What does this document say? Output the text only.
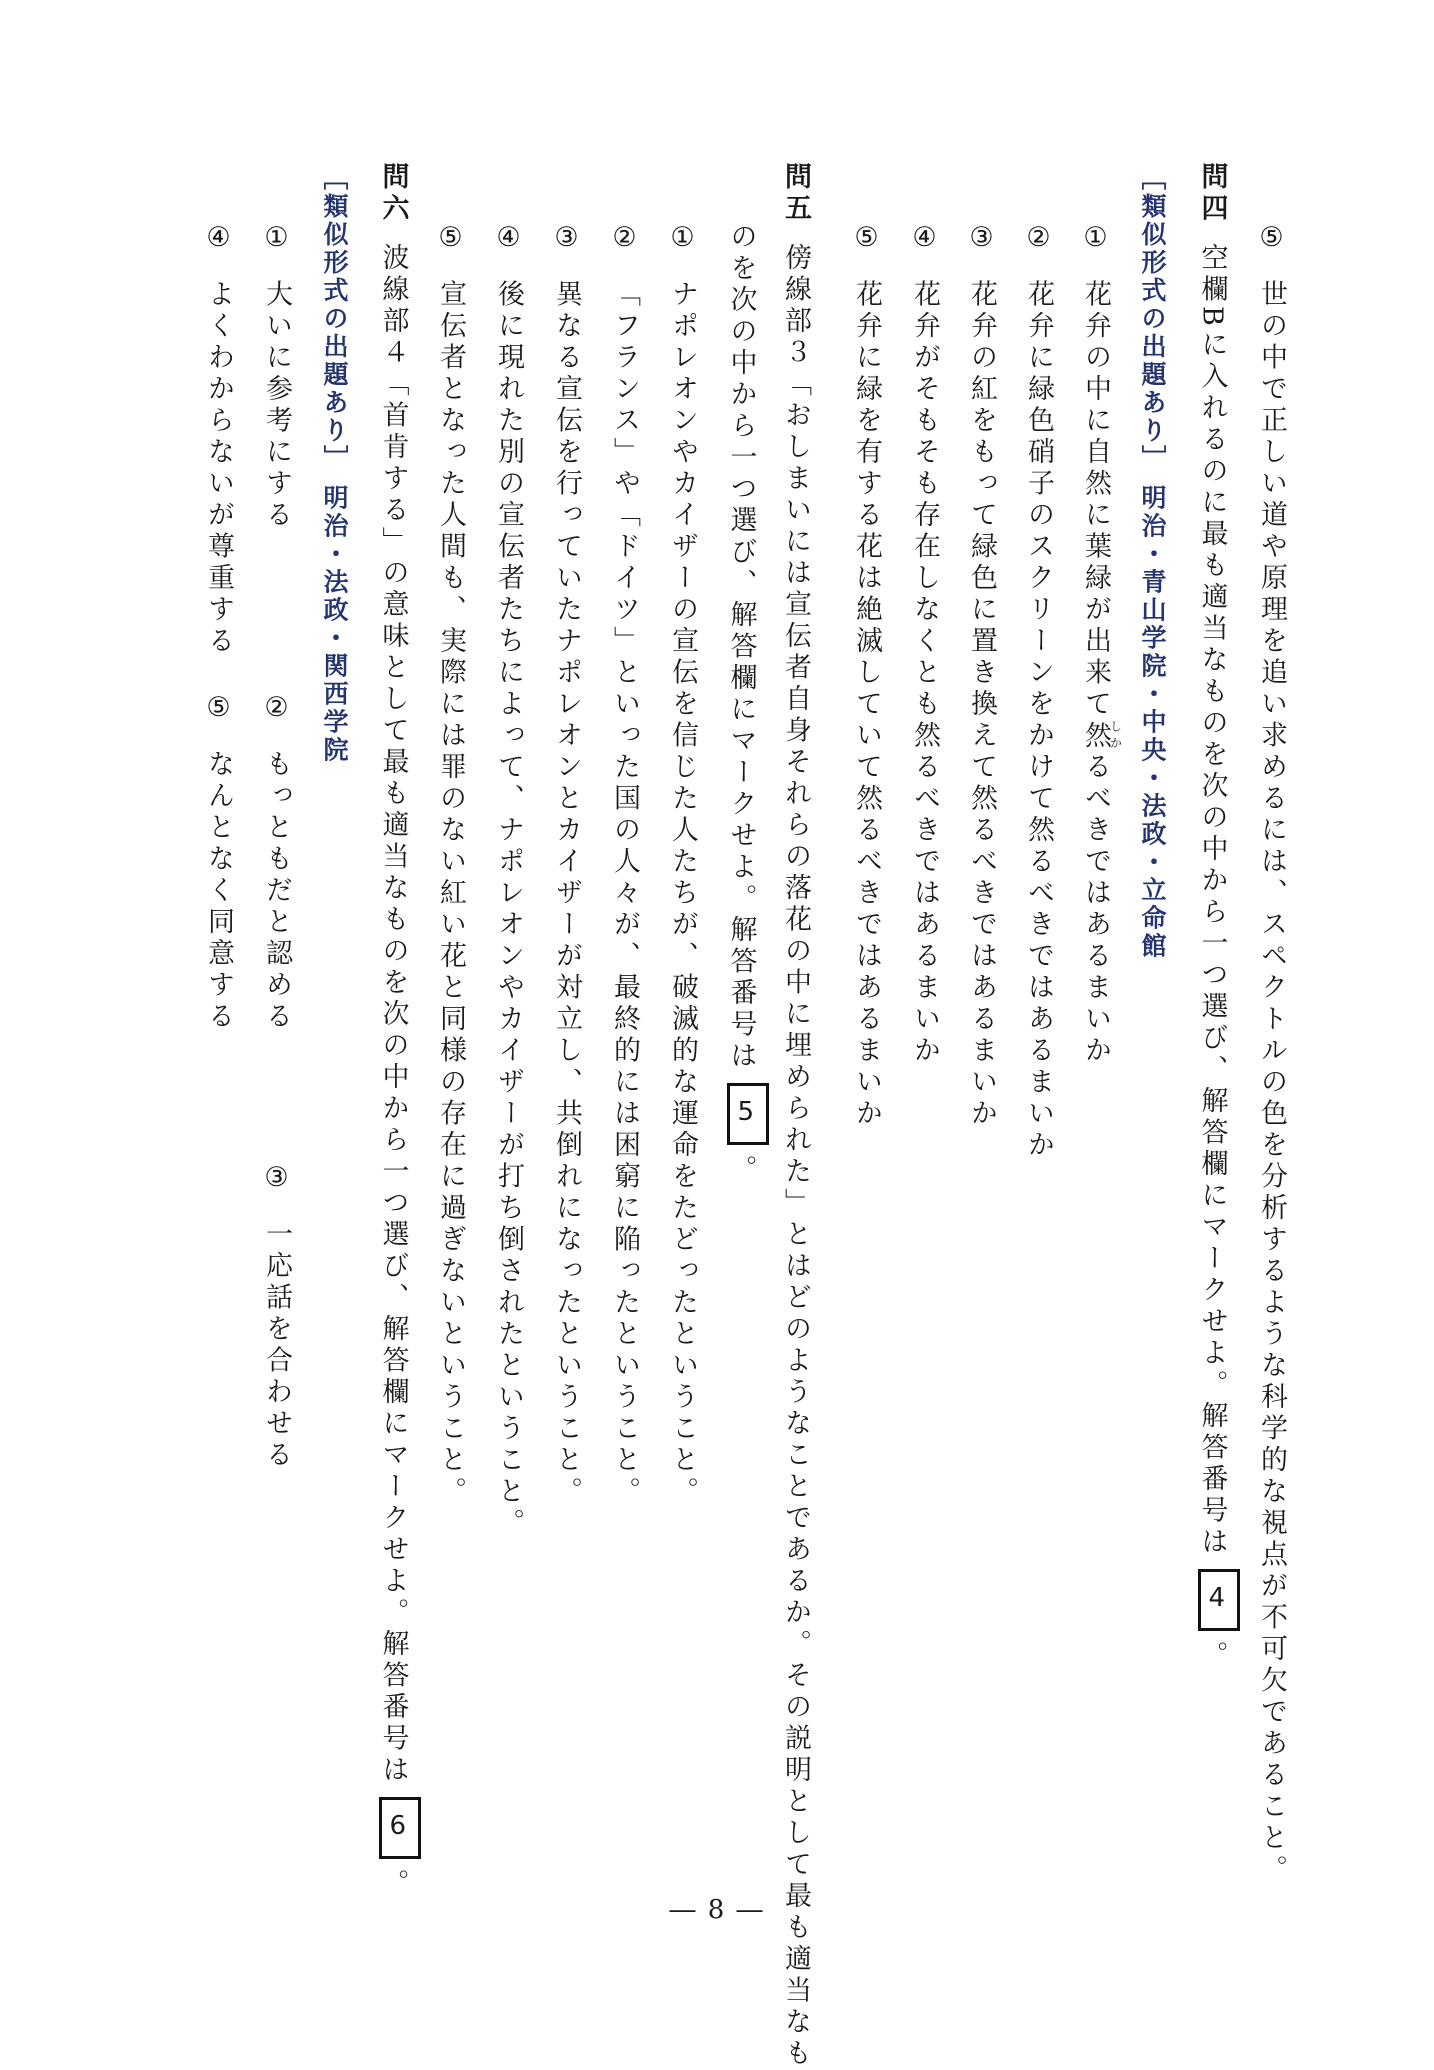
⑤世の中で正しい道や原理を追い求めるには、スペクトルの色を分析するような科学的な視点が不可欠であること。
問四空欄Bに入れるのに最も適当なものを次の中から一つ選び、解答欄にマークせよ。解答番号は4。
［類似形式の出題あり］ 明治・青山学院・中央・法政・立命館
①花弁の中に自然に葉緑が出来て然しかるべきではあるまいか
②花弁に緑色硝子のスクリーンをかけて然るべきではあるまいか
③花弁の紅をもって緑色に置き換えて然るべきではあるまいか
④花弁がそもそも存在しなくとも然るべきではあるまいか
⑤花弁に緑を有する花は絶滅していて然るべきではあるまいか
問五傍線部３「おしまいには宣伝者自身それらの落花の中に埋められた」とはどのようなことであるか。その説明として最も適当なも
のを次の中から一つ選び、解答欄にマークせよ。解答番号は5。
①ナポレオンやカイザーの宣伝を信じた人たちが、破滅的な運命をたどったということ。
②「フランス」や「ドイツ」といった国の人々が、最終的には困窮に陥ったということ。
③異なる宣伝を行っていたナポレオンとカイザーが対立し、共倒れになったということ。
④後に現れた別の宣伝者たちによって、ナポレオンやカイザーが打ち倒されたということ。
⑤宣伝者となった人間も、実際には罪のない紅い花と同様の存在に過ぎないということ。
問六波線部４「首肯する」の意味として最も適当なものを次の中から一つ選び、解答欄にマークせよ。解答番号は6。
［類似形式の出題あり］ 明治・法政・関西学院
①大いに参考にする
②もっともだと認める
③一応話を合わせる
④よくわからないが尊重する
⑤なんとなく同意する
― 8 ―
